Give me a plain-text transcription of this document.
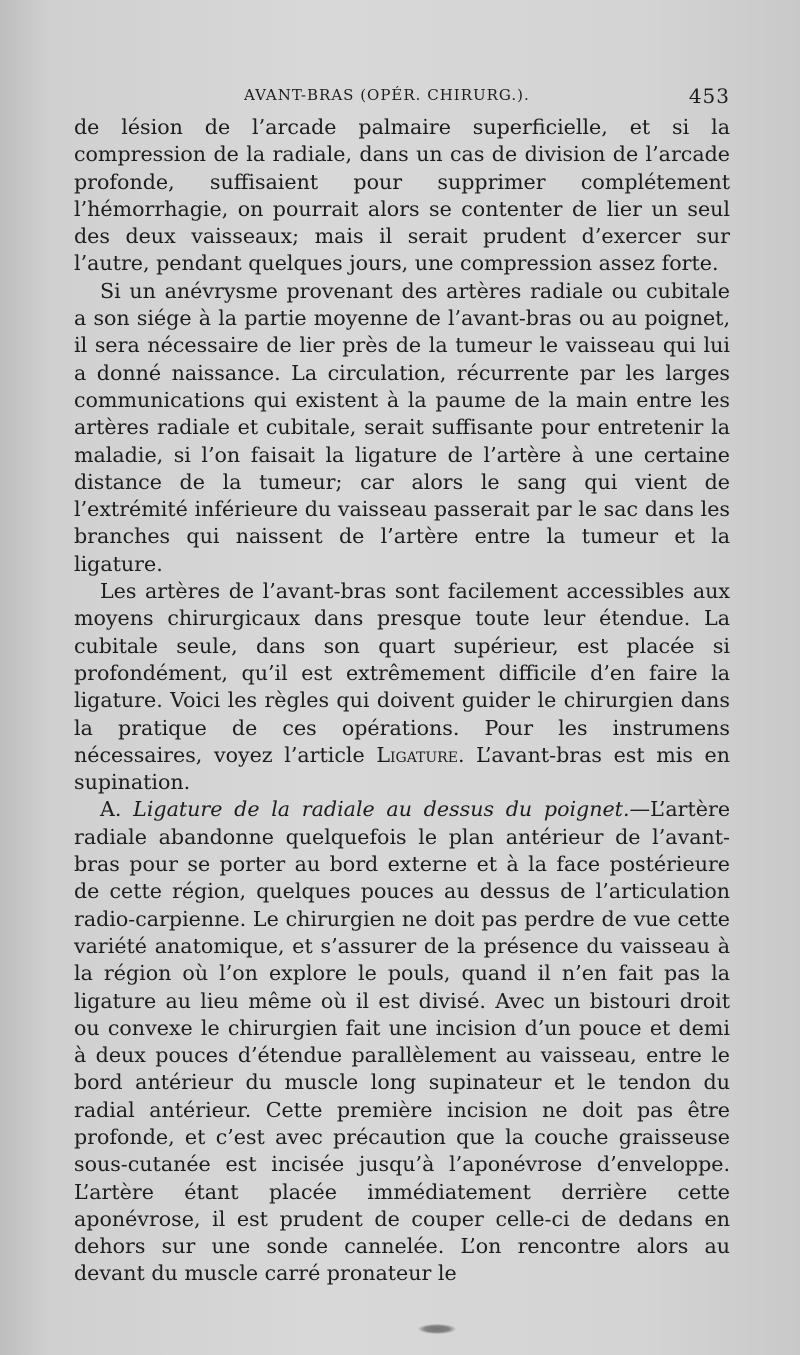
AVANT-BRAS (OPÉR. CHIRURG.).	453

de lésion de l’arcade palmaire superficielle, et si la compression de la radiale, dans un cas de division de l’arcade profonde, suffisaient pour supprimer complétement l’hémorrhagie, on pourrait alors se contenter de lier un seul des deux vaisseaux; mais il serait prudent d’exercer sur l’autre, pendant quelques jours, une compression assez forte.

Si un anévrysme provenant des artères radiale ou cubitale a son siége à la partie moyenne de l’avant-bras ou au poignet, il sera nécessaire de lier près de la tumeur le vaisseau qui lui a donné naissance. La circulation, récurrente par les larges communications qui existent à la paume de la main entre les artères radiale et cubitale, serait suffisante pour entretenir la maladie, si l’on faisait la ligature de l’artère à une certaine distance de la tumeur; car alors le sang qui vient de l’extrémité inférieure du vaisseau passerait par le sac dans les branches qui naissent de l’artère entre la tumeur et la ligature.

Les artères de l’avant-bras sont facilement accessibles aux moyens chirurgicaux dans presque toute leur étendue. La cubitale seule, dans son quart supérieur, est placée si profondément, qu’il est extrêmement difficile d’en faire la ligature. Voici les règles qui doivent guider le chirurgien dans la pratique de ces opérations. Pour les instrumens nécessaires, voyez l’article Ligature. L’avant-bras est mis en supination.

A. Ligature de la radiale au dessus du poignet.—L’artère radiale abandonne quelquefois le plan antérieur de l’avant-bras pour se porter au bord externe et à la face postérieure de cette région, quelques pouces au dessus de l’articulation radio-carpienne. Le chirurgien ne doit pas perdre de vue cette variété anatomique, et s’assurer de la présence du vaisseau à la région où l’on explore le pouls, quand il n’en fait pas la ligature au lieu même où il est divisé. Avec un bistouri droit ou convexe le chirurgien fait une incision d’un pouce et demi à deux pouces d’étendue parallèlement au vaisseau, entre le bord antérieur du muscle long supinateur et le tendon du radial antérieur. Cette première incision ne doit pas être profonde, et c’est avec précaution que la couche graisseuse sous-cutanée est incisée jusqu’à l’aponévrose d’enveloppe. L’artère étant placée immédiatement derrière cette aponévrose, il est prudent de couper celle-ci de dedans en dehors sur une sonde cannelée. L’on rencontre alors au devant du muscle carré pronateur le
